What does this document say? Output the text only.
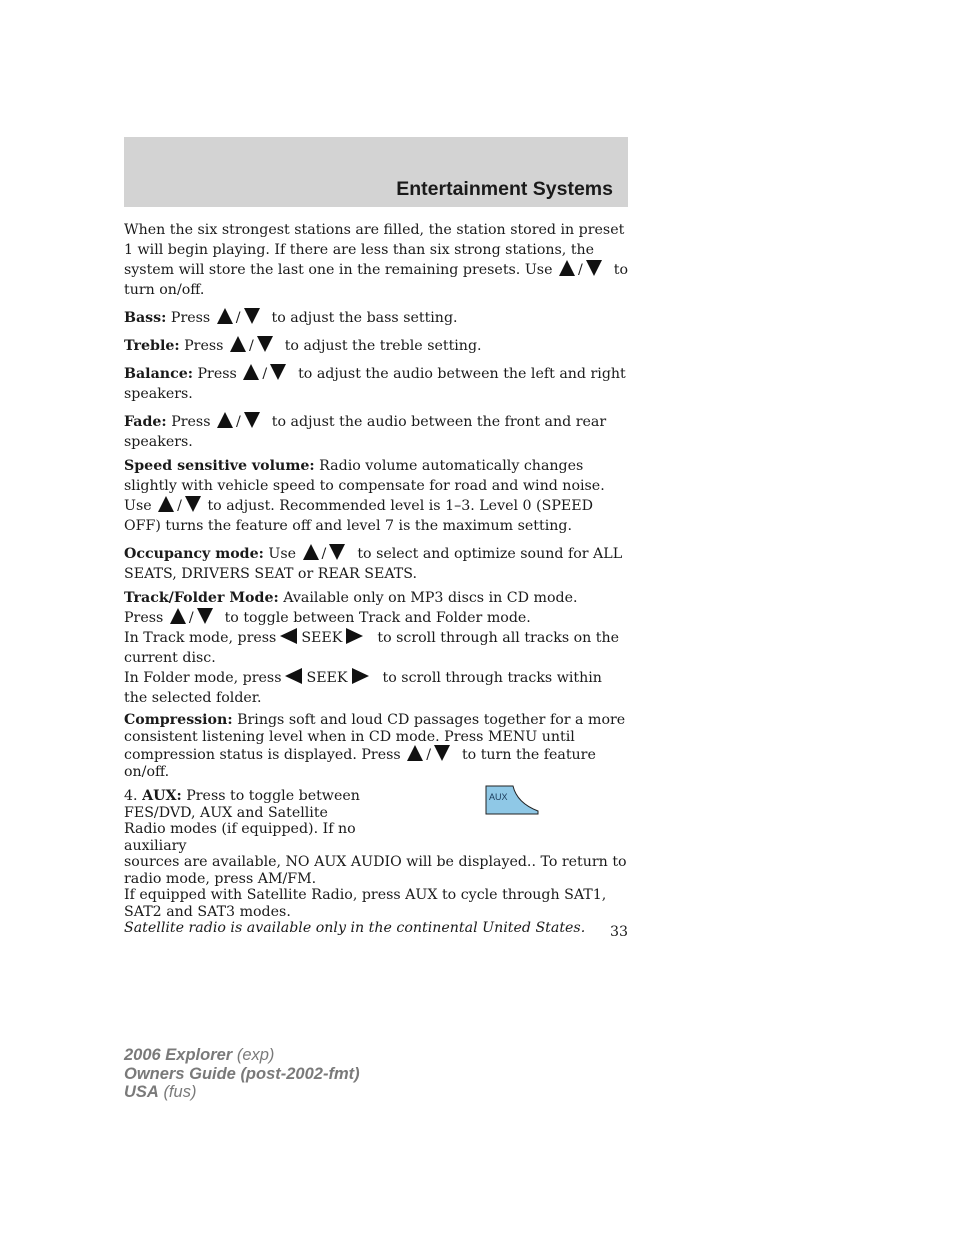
Entertainment Systems

When the six strongest stations are filled, the station stored in preset 1 will begin playing. If there are less than six strong stations, the system will store the last one in the remaining presets. Use / to turn on/off.

Bass: Press / to adjust the bass setting.

Treble: Press / to adjust the treble setting.

Balance: Press / to adjust the audio between the left and right speakers.

Fade: Press / to adjust the audio between the front and rear speakers.

Speed sensitive volume: Radio volume automatically changes slightly with vehicle speed to compensate for road and wind noise. Use / to adjust. Recommended level is 1–3. Level 0 (SPEED OFF) turns the feature off and level 7 is the maximum setting.

Occupancy mode: Use / to select and optimize sound for ALL SEATS, DRIVERS SEAT or REAR SEATS.

Track/Folder Mode: Available only on MP3 discs in CD mode.

Press / to toggle between Track and Folder mode.

In Track mode, press SEEK to scroll through all tracks on the current disc.

In Folder mode, press SEEK to scroll through tracks within the selected folder.

Compression: Brings soft and loud CD passages together for a more consistent listening level when in CD mode. Press MENU until compression status is displayed. Press / to turn the feature on/off.

4. AUX: Press to toggle between FES/DVD, AUX and Satellite Radio modes (if equipped). If no auxiliary
sources are available, NO AUX AUDIO will be displayed.. To return to radio mode, press AM/FM.
If equipped with Satellite Radio, press AUX to cycle through SAT1, SAT2 and SAT3 modes.
Satellite radio is available only in the continental United States.
AUX
33
2006 Explorer (exp)
Owners Guide (post-2002-fmt)
USA (fus)
